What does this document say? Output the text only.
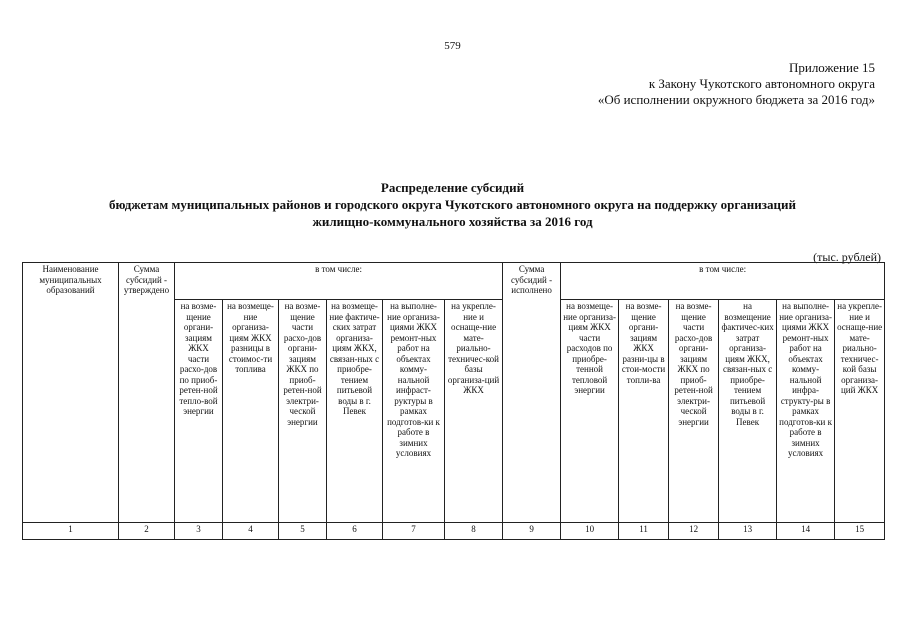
579
Приложение 15
к Закону Чукотского автономного округа
«Об исполнении окружного бюджета за 2016 год»
Распределение субсидий
бюджетам муниципальных районов и городского округа Чукотского автономного округа на поддержку организаций
жилищно-коммунального хозяйства за 2016 год
(тыс. рублей)
Наименование муниципальных образований	Сумма субсидий - утверждено	в том числе:						Сумма субсидий - исполнено	в том числе:					
		на возме-щение органи-зациям ЖКХ части расхо-дов по приоб-ретен-ной тепло-вой энергии	на возмеще-ние организа-циям ЖКХ разницы в стоимос-ти топлива	на возме-щение части расхо-дов органи-зациям ЖКХ по приоб-ретен-ной электри-ческой энергии	на возмеще-ние фактиче-ских затрат организа-циям ЖКХ, связан-ных с приобре-тением питьевой воды в г. Певек	на выполне-ние организа-циями ЖКХ ремонт-ных работ на объектах комму-нальной инфраст-руктуры в рамках подготов-ки к работе в зимних условиях	на укрепле-ние и оснаще-ние мате-риально-техничес-кой базы организа-ций ЖКХ		на возмеще-ние организа-циям ЖКХ части расходов по приобре-тенной тепловой энергии	на возме-щение органи-зациям ЖКХ разни-цы в стои-мости топли-ва	на возме-щение части расхо-дов органи-зациям ЖКХ по приоб-ретен-ной электри-ческой энергии	на возмещение фактичес-ких затрат организа-циям ЖКХ, связан-ных с приобре-тением питьевой воды в г. Певек	на выполне-ние организа-циями ЖКХ ремонт-ных работ на объектах комму-нальной инфра-структу-ры в рамках подготов-ки к работе в зимних условиях	на укрепле-ние и оснаще-ние мате-риально-техничес-кой базы организа-ций ЖКХ
1	2	3	4	5	6	7	8	9	10	11	12	13	14	15
